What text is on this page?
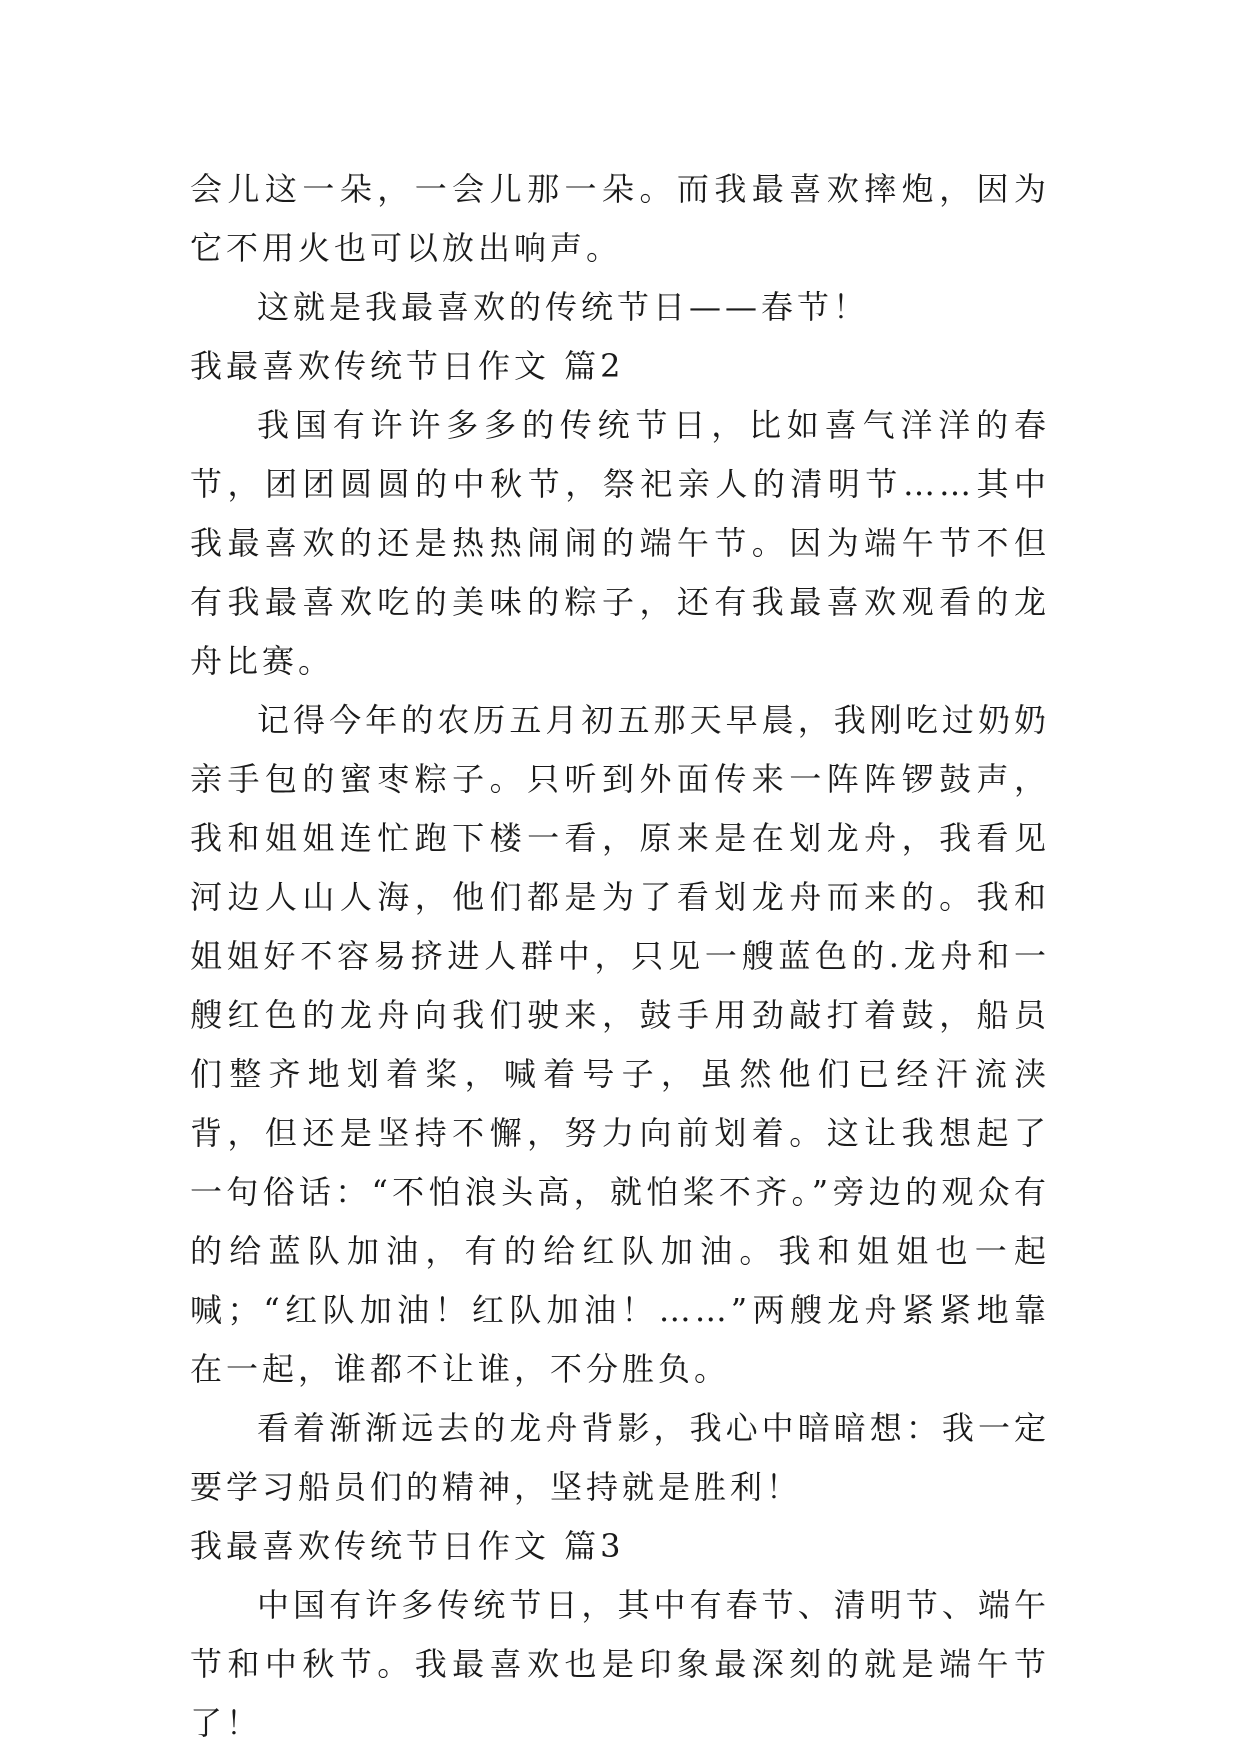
会儿这一朵，一会儿那一朵。而我最喜欢摔炮，因为它不用火也可以放出响声。

这就是我最喜欢的传统节日——春节！

我最喜欢传统节日作文 篇2

我国有许许多多的传统节日，比如喜气洋洋的春节，团团圆圆的中秋节，祭祀亲人的清明节……其中我最喜欢的还是热热闹闹的端午节。因为端午节不但有我最喜欢吃的美味的粽子，还有我最喜欢观看的龙舟比赛。

记得今年的农历五月初五那天早晨，我刚吃过奶奶亲手包的蜜枣粽子。只听到外面传来一阵阵锣鼓声，我和姐姐连忙跑下楼一看，原来是在划龙舟，我看见河边人山人海，他们都是为了看划龙舟而来的。我和姐姐好不容易挤进人群中，只见一艘蓝色的.龙舟和一艘红色的龙舟向我们驶来，鼓手用劲敲打着鼓，船员们整齐地划着桨，喊着号子，虽然他们已经汗流浃背，但还是坚持不懈，努力向前划着。这让我想起了一句俗话：“不怕浪头高，就怕桨不齐。”旁边的观众有的给蓝队加油，有的给红队加油。我和姐姐也一起喊；“红队加油！红队加油！……”两艘龙舟紧紧地靠在一起，谁都不让谁，不分胜负。

看着渐渐远去的龙舟背影，我心中暗暗想：我一定要学习船员们的精神，坚持就是胜利！

我最喜欢传统节日作文 篇3

中国有许多传统节日，其中有春节、清明节、端午节和中秋节。我最喜欢也是印象最深刻的就是端午节了！
